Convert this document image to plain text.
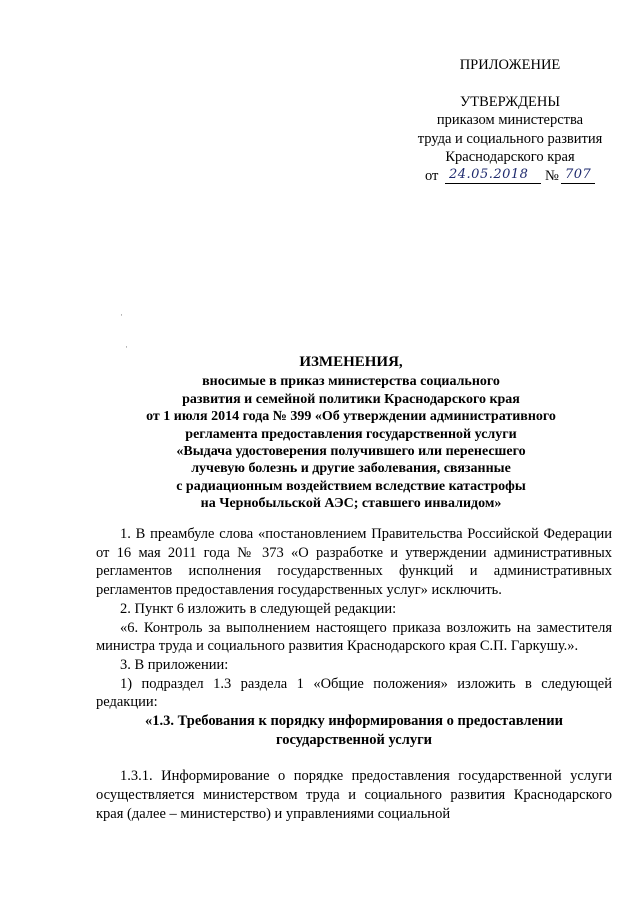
ПРИЛОЖЕНИЕ
УТВЕРЖДЕНЫ
приказом министерства
труда и социального развития
Краснодарского края
от 24.05.2018 № 707
·
·
ИЗМЕНЕНИЯ,
вносимые в приказ министерства социального
развития и семейной политики Краснодарского края
от 1 июля 2014 года № 399 «Об утверждении административного
регламента предоставления государственной услуги
«Выдача удостоверения получившего или перенесшего
лучевую болезнь и другие заболевания, связанные
с радиационным воздействием вследствие катастрофы
на Чернобыльской АЭС; ставшего инвалидом»

1. В преамбуле слова «постановлением Правительства Российской Федерации от 16 мая 2011 года № 373 «О разработке и утверждении административных регламентов исполнения государственных функций и административных регламентов предоставления государственных услуг» исключить.

2. Пункт 6 изложить в следующей редакции:

«6. Контроль за выполнением настоящего приказа возложить на заместителя министра труда и социального развития Краснодарского края С.П. Гаркушу.».

3. В приложении:

1) подраздел 1.3 раздела 1 «Общие положения» изложить в следующей редакции:

«1.3. Требования к порядку информирования о предоставлении государственной услуги

1.3.1. Информирование о порядке предоставления государственной услуги осуществляется министерством труда и социального развития Краснодарского края (далее – министерство) и управлениями социальной
